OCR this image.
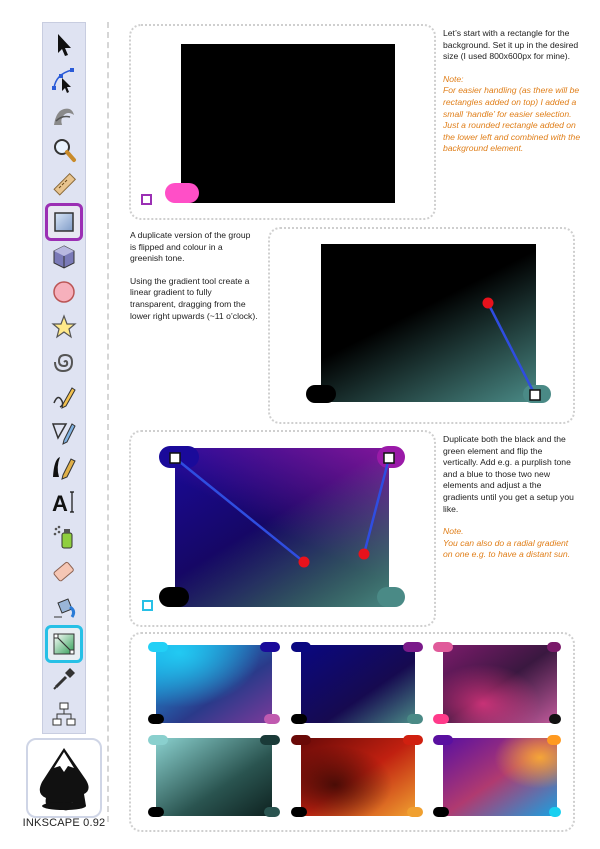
A
INKSCAPE 0.92

Let’s start with a rectangle for the background. Set it up in the desired size (I used 800x600px for mine).

Note:
For easier handling (as there will be rectangles added on top) I added a small ‘handle’ for easier selection. Just a rounded rectangle added on the lower left and combined with the background element.

A duplicate version of the group is flipped and colour in a greenish tone.

Using the gradient tool create a linear gradient to fully transparent, dragging from the lower right upwards (~11 o’clock).

Duplicate both the black and the green element and flip the vertically. Add e.g. a purplish tone and a blue to those two new elements and adjust a the gradients until you get a setup you like.

Note.
You can also do a radial gradient on one e.g. to have a distant sun.
